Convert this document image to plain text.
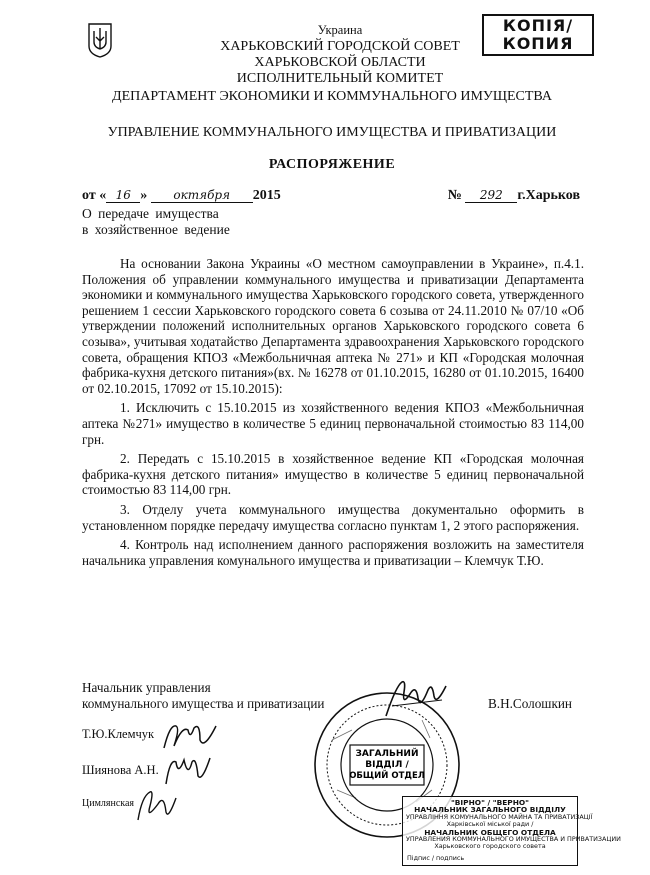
КОПІЯ/
КОПИЯ
Украина
ХАРЬКОВСКИЙ ГОРОДСКОЙ СОВЕТ
ХАРЬКОВСКОЙ ОБЛАСТИ
ИСПОЛНИТЕЛЬНЫЙ КОМИТЕТ
ДЕПАРТАМЕНТ ЭКОНОМИКИ И КОММУНАЛЬНОГО ИМУЩЕСТВА
УПРАВЛЕНИЕ КОММУНАЛЬНОГО ИМУЩЕСТВА И ПРИВАТИЗАЦИИ
РАСПОРЯЖЕНИЕ
от « 16 » октября 2015	№ 292 г.Харьков
О передаче имущества
в хозяйственное ведение

На основании Закона Украины «О местном самоуправлении в Украине», п.4.1. Положения об управлении коммунального имущества и приватизации Департамента экономики и коммунального имущества Харьковского городского совета, утвержденного решением 1 сессии Харьковского городского совета 6 созыва от 24.11.2010 № 07/10 «Об утверждении положений исполнительных органов Харьковского городского совета 6 созыва», учитывая ходатайство Департамента здравоохранения Харьковского городского совета, обращения КПОЗ «Межбольничная аптека № 271» и КП «Городская молочная фабрика-кухня детского питания»(вх. № 16278 от 01.10.2015, 16280 от 01.10.2015, 16400 от 02.10.2015, 17092 от 15.10.2015):

1. Исключить с 15.10.2015 из хозяйственного ведения КПОЗ «Межбольничная аптека №271» имущество в количестве 5 единиц первоначальной стоимостью 83 114,00 грн.

2. Передать с 15.10.2015 в хозяйственное ведение КП «Городская молочная фабрика-кухня детского питания» имущество в количестве 5 единиц первоначальной стоимостью 83 114,00 грн.

3. Отделу учета коммунального имущества документально оформить в установленном порядке передачу имущества согласно пунктам 1, 2 этого распоряжения.

4. Контроль над исполнением данного распоряжения возложить на заместителя начальника управления комунального имущества и приватизации – Клемчук Т.Ю.

Начальник управления
коммунального имущества и приватизации	В.Н.Солошкин
Т.Ю.Клемчук
Шиянова А.Н.
Цимлянская
ЗАГАЛЬНИЙ
ВІДДІЛ /
ОБЩИЙ ОТДЕЛ
"ВІРНО" / "ВЕРНО"
НАЧАЛЬНИК ЗАГАЛЬНОГО ВІДДІЛУ
УПРАВЛІННЯ КОМУНАЛЬНОГО МАЙНА ТА ПРИВАТИЗАЦІЇ
Харківської міської ради /
НАЧАЛЬНИК ОБЩЕГО ОТДЕЛА
УПРАВЛЕНИЯ КОММУНАЛЬНОГО ИМУЩЕСТВА И ПРИВАТИЗАЦИИ
Харьковского городского совета
Підпис / подпись
